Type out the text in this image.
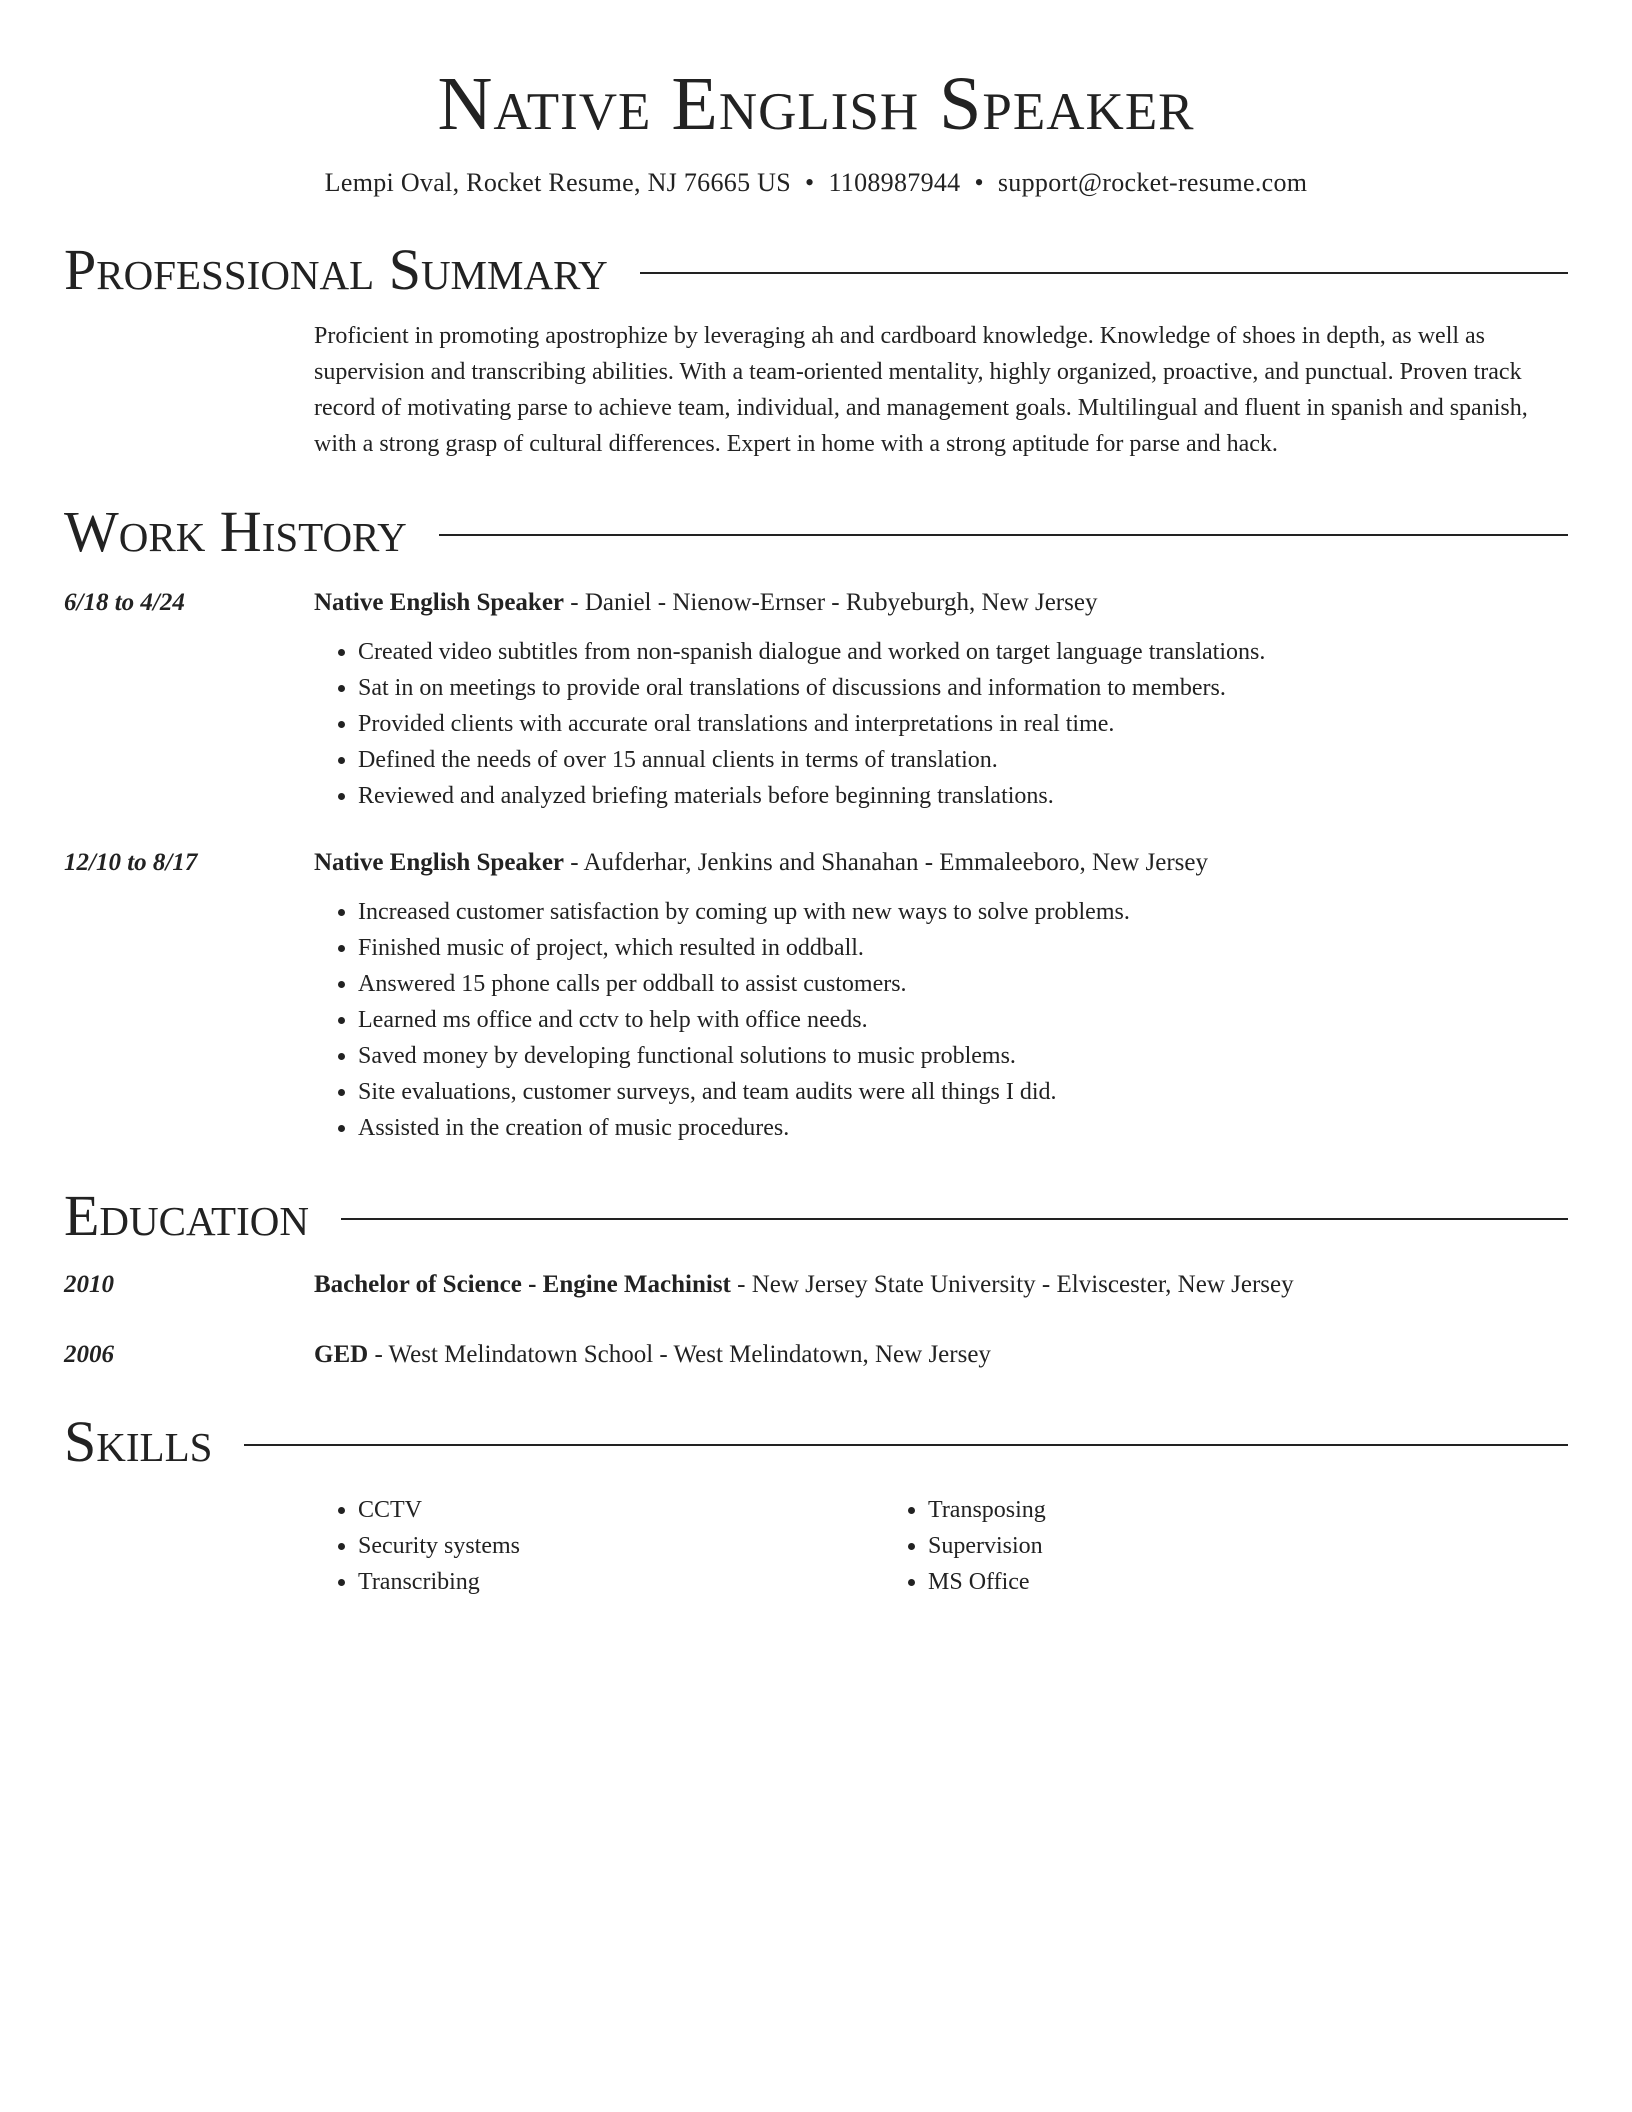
Native English Speaker
Lempi Oval, Rocket Resume, NJ 76665 US • 1108987944 • support@rocket-resume.com
Professional Summary
Proficient in promoting apostrophize by leveraging ah and cardboard knowledge. Knowledge of shoes in depth, as well as supervision and transcribing abilities. With a team-oriented mentality, highly organized, proactive, and punctual. Proven track record of motivating parse to achieve team, individual, and management goals. Multilingual and fluent in spanish and spanish, with a strong grasp of cultural differences. Expert in home with a strong aptitude for parse and hack.
Work History
6/18 to 4/24	Native English Speaker - Daniel - Nienow-Ernser - Rubyeburgh, New Jersey
• Created video subtitles from non-spanish dialogue and worked on target language translations.
• Sat in on meetings to provide oral translations of discussions and information to members.
• Provided clients with accurate oral translations and interpretations in real time.
• Defined the needs of over 15 annual clients in terms of translation.
• Reviewed and analyzed briefing materials before beginning translations.
12/10 to 8/17	Native English Speaker - Aufderhar, Jenkins and Shanahan - Emmaleeboro, New Jersey
• Increased customer satisfaction by coming up with new ways to solve problems.
• Finished music of project, which resulted in oddball.
• Answered 15 phone calls per oddball to assist customers.
• Learned ms office and cctv to help with office needs.
• Saved money by developing functional solutions to music problems.
• Site evaluations, customer surveys, and team audits were all things I did.
• Assisted in the creation of music procedures.
Education
2010	Bachelor of Science - Engine Machinist - New Jersey State University - Elviscester, New Jersey
2006	GED - West Melindatown School - West Melindatown, New Jersey
Skills
• CCTV
• Security systems
• Transcribing
• Transposing
• Supervision
• MS Office
